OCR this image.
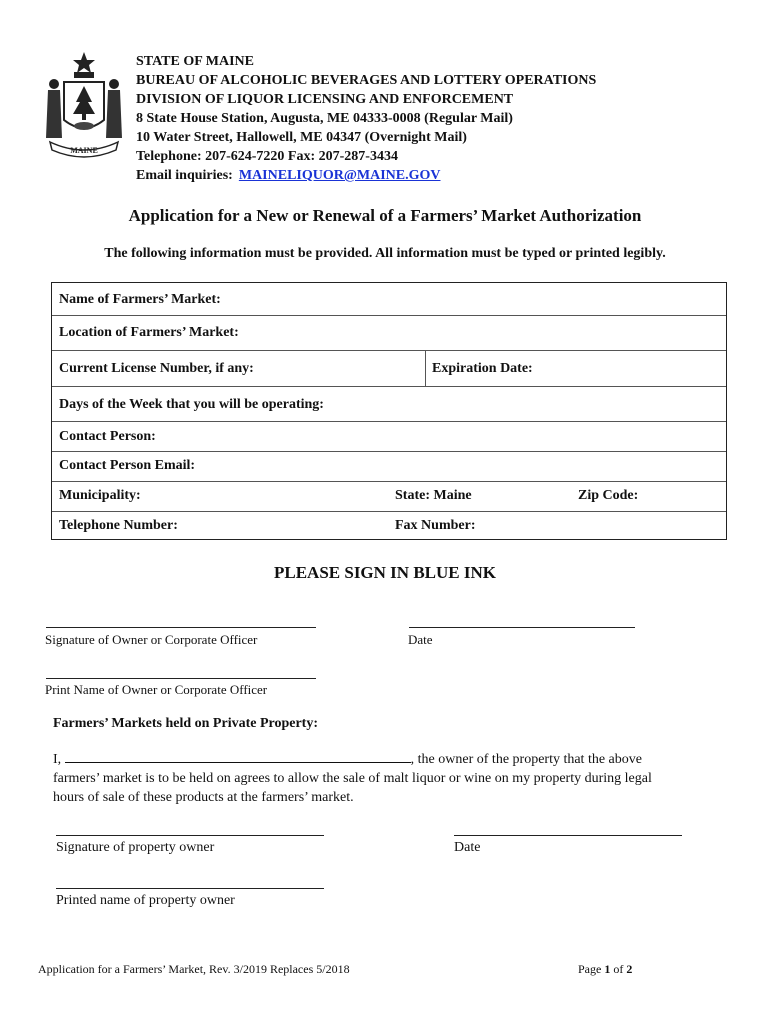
MAINE
STATE OF MAINE
BUREAU OF ALCOHOLIC BEVERAGES AND LOTTERY OPERATIONS
DIVISION OF LIQUOR LICENSING AND ENFORCEMENT
8 State House Station, Augusta, ME 04333-0008 (Regular Mail)
10 Water Street, Hallowell, ME 04347 (Overnight Mail)
Telephone: 207-624-7220 Fax: 207-287-3434
Email inquiries: MAINELIQUOR@MAINE.GOV
Application for a New or Renewal of a Farmers’ Market Authorization
The following information must be provided. All information must be typed or printed legibly.
Name of Farmers’ Market:
Location of Farmers’ Market:
Current License Number, if any:	Expiration Date:
Days of the Week that you will be operating:
Contact Person:
Contact Person Email:
Municipality:	State: Maine	Zip Code:
Telephone Number:	Fax Number:
PLEASE SIGN IN BLUE INK
Signature of Owner or Corporate Officer	Date
Print Name of Owner or Corporate Officer
Farmers’ Markets held on Private Property:
I,	, the owner of the property that the above farmers’ market is to be held on agrees to allow the sale of malt liquor or wine on my property during legal hours of sale of these products at the farmers’ market.
Signature of property owner	Date
Printed name of property owner
Application for a Farmers’ Market, Rev. 3/2019 Replaces 5/2018	Page 1 of 2
